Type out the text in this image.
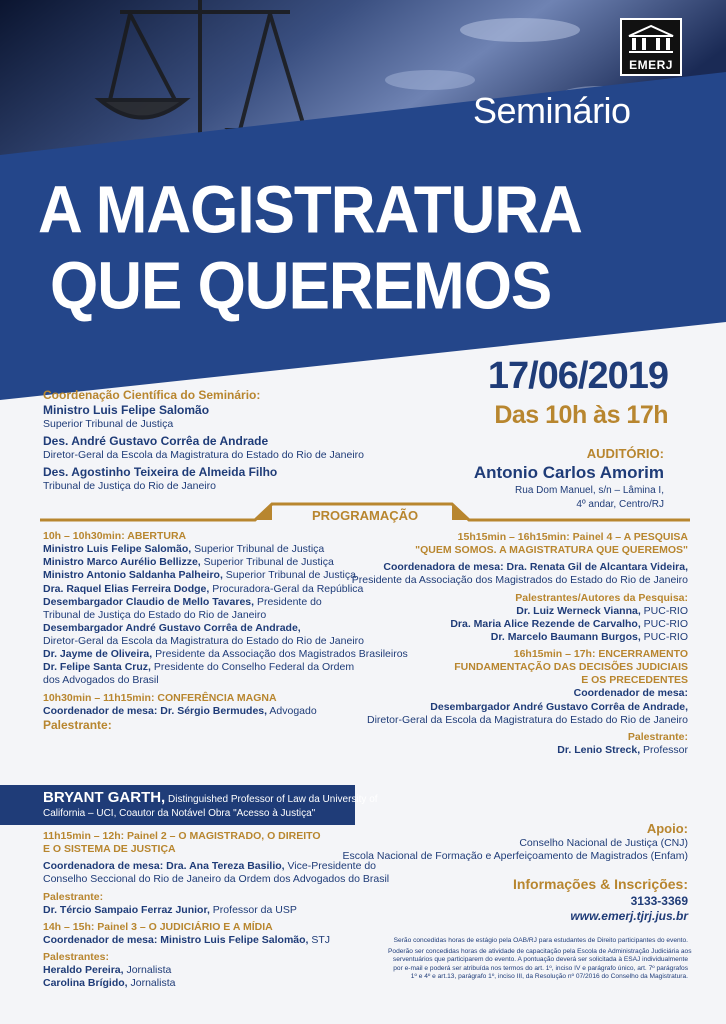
EMERJ
Seminário
A MAGISTRATURA
QUE QUEREMOS
17/06/2019
Das 10h às 17h
AUDITÓRIO:
Antonio Carlos Amorim
Rua Dom Manuel, s/n – Lâmina I,
4º andar, Centro/RJ
Coordenação Científica do Seminário:
Ministro Luis Felipe Salomão
Superior Tribunal de Justiça
Des. André Gustavo Corrêa de Andrade
Diretor-Geral da Escola da Magistratura do Estado do Rio de Janeiro
Des. Agostinho Teixeira de Almeida Filho
Tribunal de Justiça do Rio de Janeiro
PROGRAMAÇÃO
10h – 10h30min: ABERTURA
Ministro Luis Felipe Salomão, Superior Tribunal de Justiça
Ministro Marco Aurélio Bellizze, Superior Tribunal de Justiça
Ministro Antonio Saldanha Palheiro, Superior Tribunal de Justiça
Dra. Raquel Elias Ferreira Dodge, Procuradora-Geral da República
Desembargador Claudio de Mello Tavares, Presidente do
Tribunal de Justiça do Estado do Rio de Janeiro
Desembargador André Gustavo Corrêa de Andrade,
Diretor-Geral da Escola da Magistratura do Estado do Rio de Janeiro
Dr. Jayme de Oliveira, Presidente da Associação dos Magistrados Brasileiros
Dr. Felipe Santa Cruz, Presidente do Conselho Federal da Ordem
dos Advogados do Brasil
10h30min – 11h15min: CONFERÊNCIA MAGNA
Coordenador de mesa: Dr. Sérgio Bermudes, Advogado
Palestrante:
BRYANT GARTH, Distinguished Professor of Law da University of
California – UCI, Coautor da Notável Obra "Acesso à Justiça"
11h15min – 12h: Painel 2 – O MAGISTRADO, O DIREITO
E O SISTEMA DE JUSTIÇA
Coordenadora de mesa: Dra. Ana Tereza Basilio, Vice-Presidente do
Conselho Seccional do Rio de Janeiro da Ordem dos Advogados do Brasil
Palestrante:
Dr. Tércio Sampaio Ferraz Junior, Professor da USP
14h – 15h: Painel 3 – O JUDICIÁRIO E A MÍDIA
Coordenador de mesa: Ministro Luis Felipe Salomão, STJ
Palestrantes:
Heraldo Pereira, Jornalista
Carolina Brígido, Jornalista
15h15min – 16h15min: Painel 4 – A PESQUISA
"QUEM SOMOS. A MAGISTRATURA QUE QUEREMOS"
Coordenadora de mesa: Dra. Renata Gil de Alcantara Videira,
Presidente da Associação dos Magistrados do Estado do Rio de Janeiro
Palestrantes/Autores da Pesquisa:
Dr. Luiz Werneck Vianna, PUC-RIO
Dra. Maria Alice Rezende de Carvalho, PUC-RIO
Dr. Marcelo Baumann Burgos, PUC-RIO
16h15min – 17h: ENCERRAMENTO
FUNDAMENTAÇÃO DAS DECISÕES JUDICIAIS
E OS PRECEDENTES
Coordenador de mesa:
Desembargador André Gustavo Corrêa de Andrade,
Diretor-Geral da Escola da Magistratura do Estado do Rio de Janeiro
Palestrante:
Dr. Lenio Streck, Professor
Apoio:
Conselho Nacional de Justiça (CNJ)
Escola Nacional de Formação e Aperfeiçoamento de Magistrados (Enfam)
Informações & Inscrições:
3133-3369
www.emerj.tjrj.jus.br
Serão concedidas horas de estágio pela OAB/RJ para estudantes de Direito participantes do evento.
Poderão ser concedidas horas de atividade de capacitação pela Escola de Administração Judiciária aos
serventuários que participarem do evento. A pontuação deverá ser solicitada à ESAJ individualmente
por e-mail e poderá ser atribuída nos termos do art. 1º, inciso IV e parágrafo único, art. 7º parágrafos
1º e 4º e art.13, parágrafo 1º, inciso III, da Resolução nº 07/2016 do Conselho da Magistratura.
